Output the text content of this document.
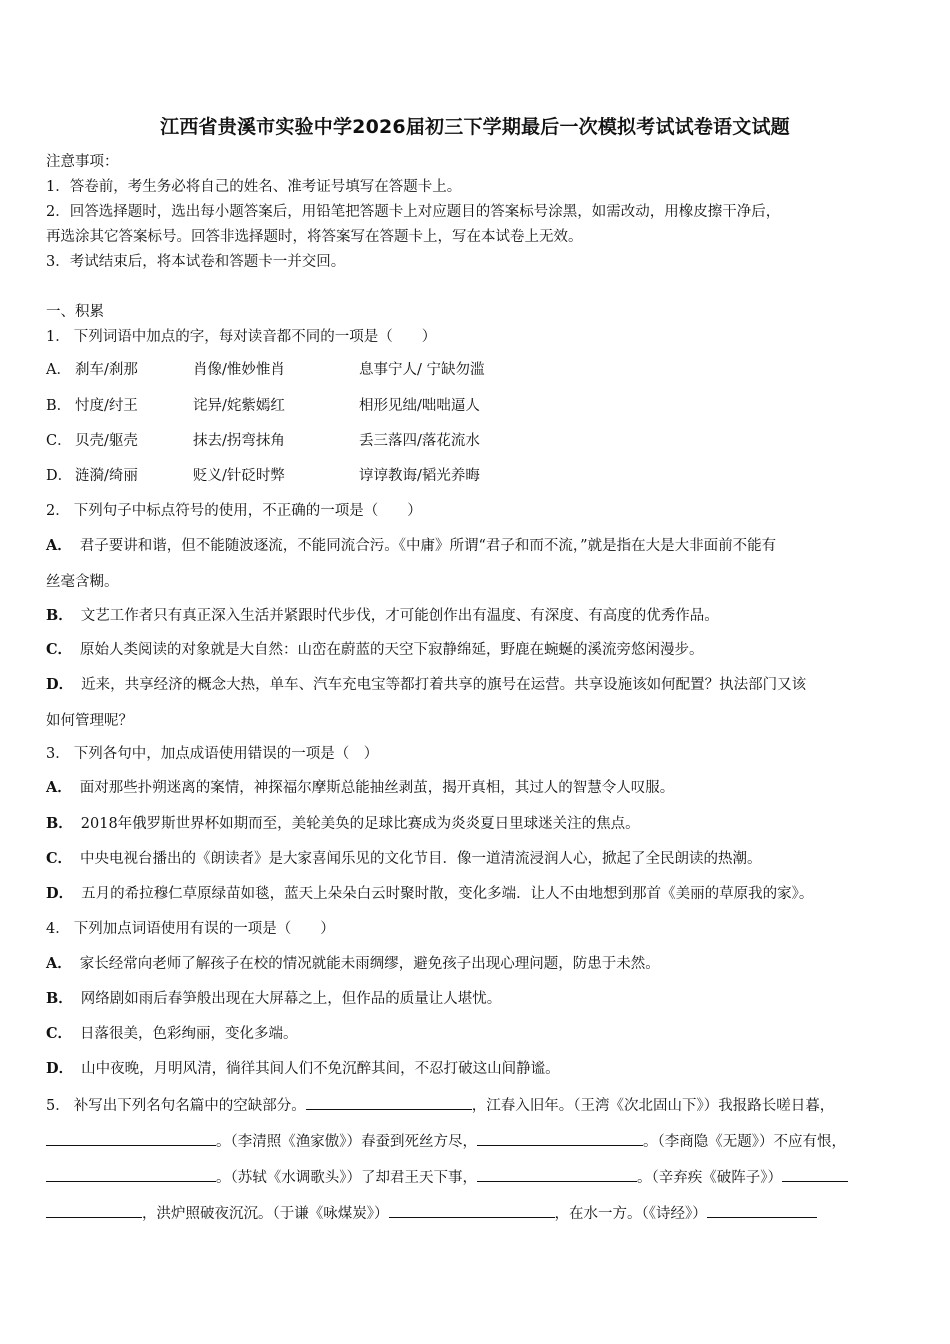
江西省贵溪市实验中学2026届初三下学期最后一次模拟考试试卷语文试题
注意事项：
1．答卷前，考生务必将自己的姓名、准考证号填写在答题卡上。
2．回答选择题时，选出每小题答案后，用铅笔把答题卡上对应题目的答案标号涂黑，如需改动，用橡皮擦干净后，
再选涂其它答案标号。回答非选择题时，将答案写在答题卡上，写在本试卷上无效。
3．考试结束后，将本试卷和答题卡一并交回。
一、积累
1． 下列词语中加点的字，每对读音都不同的一项是（　　）
A． 刹车/刹那	肖像/惟妙惟肖	息事宁人/ 宁缺勿滥
B． 忖度/纣王	诧异/姹紫嫣红	相形见绌/咄咄逼人
C． 贝壳/躯壳	抹去/拐弯抹角	丢三落四/落花流水
D． 涟漪/绮丽	贬义/针砭时弊	谆谆教诲/韬光养晦
2． 下列句子中标点符号的使用，不正确的一项是（　　）
A． 君子要讲和谐，但不能随波逐流，不能同流合污。《中庸》所谓“君子和而不流，”就是指在大是大非面前不能有
丝毫含糊。
B． 文艺工作者只有真正深入生活并紧跟时代步伐，才可能创作出有温度、有深度、有高度的优秀作品。
C． 原始人类阅读的对象就是大自然：山峦在蔚蓝的天空下寂静绵延，野鹿在蜿蜒的溪流旁悠闲漫步。
D． 近来，共享经济的概念大热，单车、汽车充电宝等都打着共享的旗号在运营。共享设施该如何配置？执法部门又该
如何管理呢？
3． 下列各句中，加点成语使用错误的一项是（　）
A． 面对那些扑朔迷离的案情，神探福尔摩斯总能抽丝剥茧，揭开真相，其过人的智慧令人叹服。
B． 2018年俄罗斯世界杯如期而至，美轮美奂的足球比赛成为炎炎夏日里球迷关注的焦点。
C． 中央电视台播出的《朗读者》是大家喜闻乐见的文化节目．像一道清流浸润人心，掀起了全民朗读的热潮。
D． 五月的希拉穆仁草原绿苗如毯，蓝天上朵朵白云时聚时散，变化多端．让人不由地想到那首《美丽的草原我的家》。
4． 下列加点词语使用有误的一项是（　　）
A． 家长经常向老师了解孩子在校的情况就能未雨绸缪，避免孩子出现心理问题，防患于未然。
B． 网络剧如雨后春笋般出现在大屏幕之上，但作品的质量让人堪忧。
C． 日落很美，色彩绚丽，变化多端。
D． 山中夜晚，月明风清，徜徉其间人们不免沉醉其间，不忍打破这山间静谧。
5． 补写出下列名句名篇中的空缺部分。	，江春入旧年。（王湾《次北固山下》）我报路长嗟日暮，
。（李清照《渔家傲》）春蚕到死丝方尽，	。（李商隐《无题》）不应有恨，
。（苏轼《水调歌头》）了却君王天下事，	。（辛弃疾《破阵子》）
，洪炉照破夜沉沉。（于谦《咏煤炭》）	，在水一方。（《诗经》）
